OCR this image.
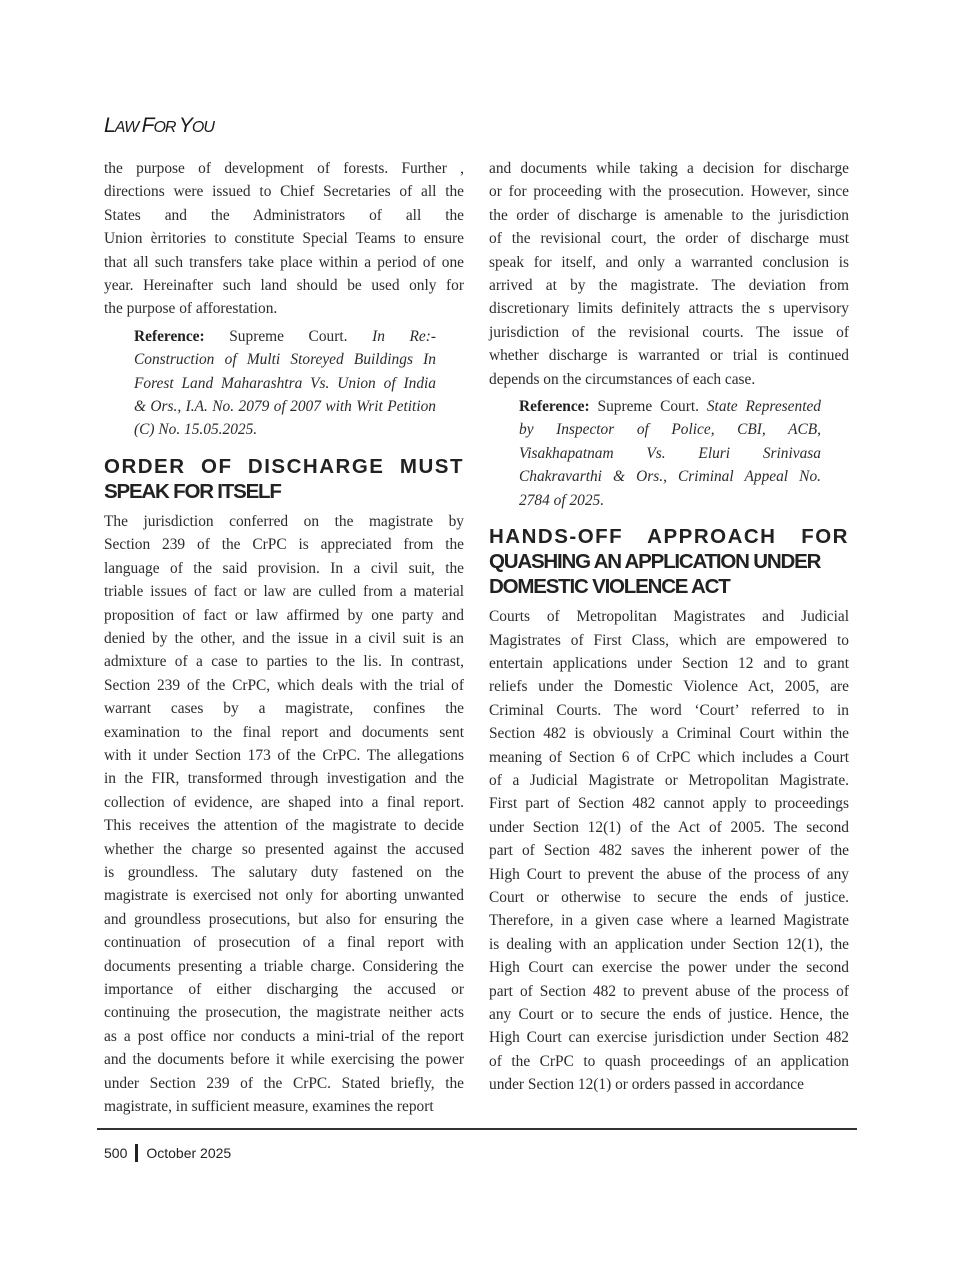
LAW FOR YOU

the purpose of development of forests. Further ,
directions were issued to Chief Secretaries of all the
States and the Administrators of all the
Union èrritories to constitute Special Teams to ensure
that all such transfers take place within a period of one
year. Hereinafter such land should be used only for
the purpose of afforestation.

Reference: Supreme Court. In Re:-
Construction of Multi Storeyed Buildings In
Forest Land Maharashtra Vs. Union of India
& Ors., I.A. No. 2079 of 2007 with Writ Petition
(C) No. 15.05.2025.
ORDER OF DISCHARGE MUST
SPEAK FOR ITSELF

The jurisdiction conferred on the magistrate by
Section 239 of the CrPC is appreciated from the
language of the said provision. In a civil suit, the
triable issues of fact or law are culled from a material
proposition of fact or law affirmed by one party and
denied by the other, and the issue in a civil suit is an
admixture of a case to parties to the lis. In contrast,
Section 239 of the CrPC, which deals with the trial of
warrant cases by a magistrate, confines the
examination to the final report and documents sent
with it under Section 173 of the CrPC. The allegations
in the FIR, transformed through investigation and the
collection of evidence, are shaped into a final report.
This receives the attention of the magistrate to decide
whether the charge so presented against the accused
is groundless. The salutary duty fastened on the
magistrate is exercised not only for aborting unwanted
and groundless prosecutions, but also for ensuring the
continuation of prosecution of a final report with
documents presenting a triable charge. Considering the
importance of either discharging the accused or
continuing the prosecution, the magistrate neither acts
as a post office nor conducts a mini-trial of the report
and the documents before it while exercising the power
under Section 239 of the CrPC. Stated briefly, the
magistrate, in sufficient measure, examines the report

and documents while taking a decision for discharge
or for proceeding with the prosecution. However, since
the order of discharge is amenable to the jurisdiction
of the revisional court, the order of discharge must
speak for itself, and only a warranted conclusion is
arrived at by the magistrate. The deviation from
discretionary limits definitely attracts the s upervisory
jurisdiction of the revisional courts. The issue of
whether discharge is warranted or trial is continued
depends on the circumstances of each case.

Reference: Supreme Court. State Represented
by Inspector of Police, CBI, ACB,
Visakhapatnam Vs. Eluri Srinivasa
Chakravarthi & Ors., Criminal Appeal No.
2784 of 2025.
HANDS-OFF APPROACH FOR
QUASHING AN APPLICATION UNDER
DOMESTIC VIOLENCE ACT

Courts of Metropolitan Magistrates and Judicial
Magistrates of First Class, which are empowered to
entertain applications under Section 12 and to grant
reliefs under the Domestic Violence Act, 2005, are
Criminal Courts. The word ‘Court’ referred to in
Section 482 is obviously a Criminal Court within the
meaning of Section 6 of CrPC which includes a Court
of a Judicial Magistrate or Metropolitan Magistrate.
First part of Section 482 cannot apply to proceedings
under Section 12(1) of the Act of 2005. The second
part of Section 482 saves the inherent power of the
High Court to prevent the abuse of the process of any
Court or otherwise to secure the ends of justice.
Therefore, in a given case where a learned Magistrate
is dealing with an application under Section 12(1), the
High Court can exercise the power under the second
part of Section 482 to prevent abuse of the process of
any Court or to secure the ends of justice. Hence, the
High Court can exercise jurisdiction under Section 482
of the CrPC to quash proceedings of an application
under Section 12(1) or orders passed in accordance

500 October 2025
